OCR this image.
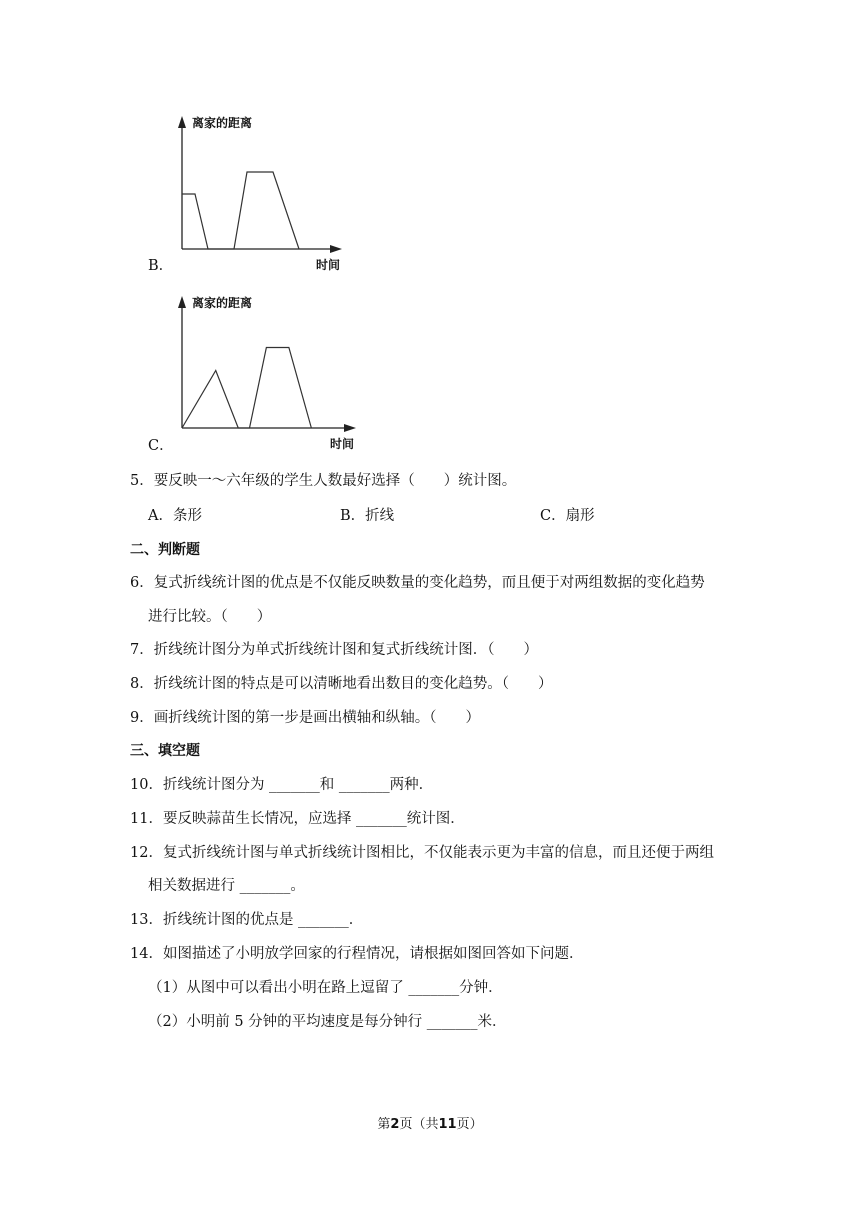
B．
离家的距离
时间
C．
离家的距离
时间
5．要反映一～六年级的学生人数最好选择（　　）统计图。
A．条形	B．折线	C．扇形
二、判断题
6．复式折线统计图的优点是不仅能反映数量的变化趋势，而且便于对两组数据的变化趋势
进行比较。（　　）
7．折线统计图分为单式折线统计图和复式折线统计图．（　　）
8．折线统计图的特点是可以清晰地看出数目的变化趋势。（　　）
9．画折线统计图的第一步是画出横轴和纵轴。（　　）
三、填空题
10．折线统计图分为 _______和 _______两种．
11．要反映蒜苗生长情况，应选择 _______统计图．
12．复式折线统计图与单式折线统计图相比，不仅能表示更为丰富的信息，而且还便于两组
相关数据进行 _______。
13．折线统计图的优点是 _______．
14．如图描述了小明放学回家的行程情况，请根据如图回答如下问题．
（1）从图中可以看出小明在路上逗留了 _______分钟．
（2）小明前 5 分钟的平均速度是每分钟行 _______米．
第2页（共11页）
